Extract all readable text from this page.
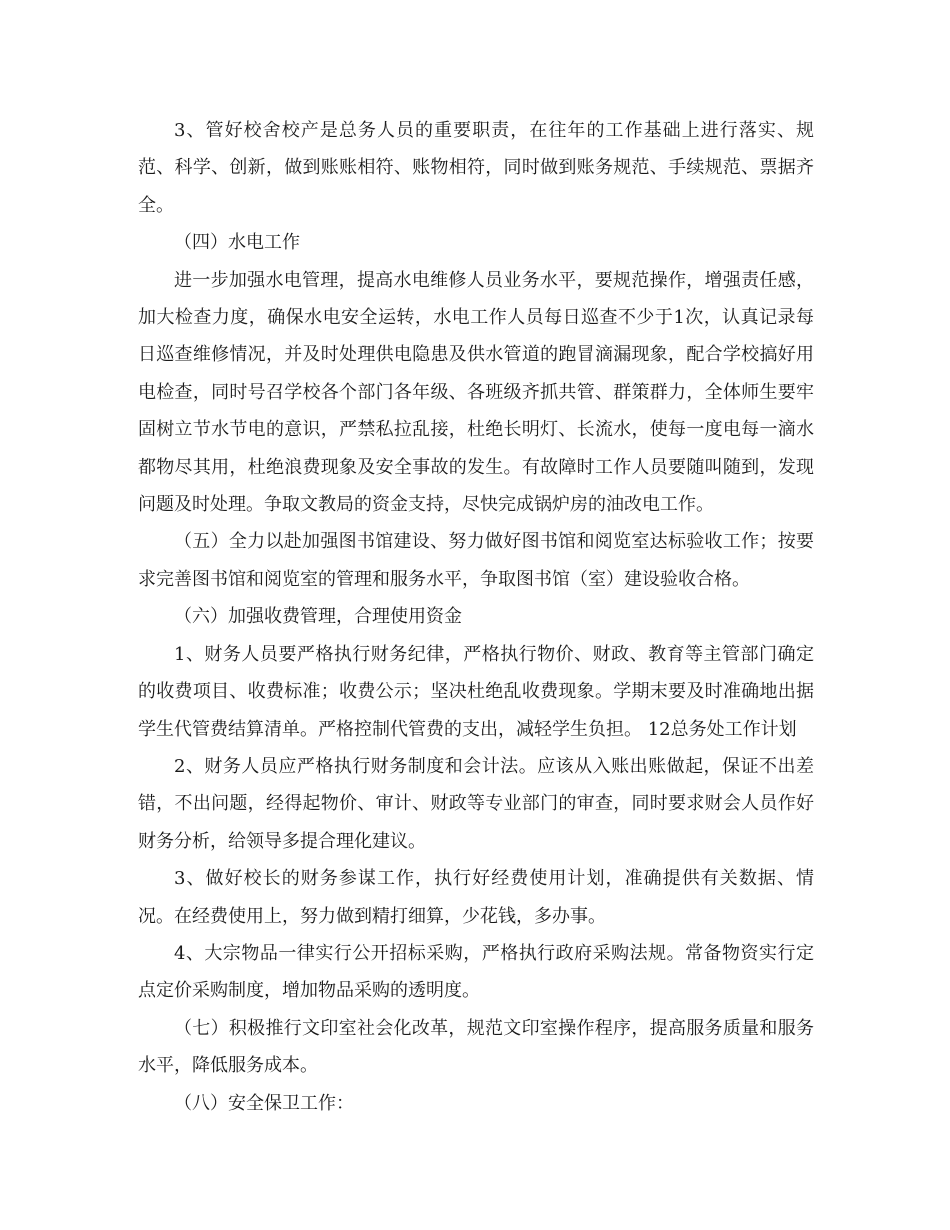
3、管好校舍校产是总务人员的重要职责，在往年的工作基础上进行落实、规范、科学、创新，做到账账相符、账物相符，同时做到账务规范、手续规范、票据齐全。

（四）水电工作

进一步加强水电管理，提高水电维修人员业务水平，要规范操作，增强责任感，加大检查力度，确保水电安全运转，水电工作人员每日巡查不少于1次，认真记录每日巡查维修情况，并及时处理供电隐患及供水管道的跑冒滴漏现象，配合学校搞好用电检查，同时号召学校各个部门各年级、各班级齐抓共管、群策群力，全体师生要牢固树立节水节电的意识，严禁私拉乱接，杜绝长明灯、长流水，使每一度电每一滴水都物尽其用，杜绝浪费现象及安全事故的发生。有故障时工作人员要随叫随到，发现问题及时处理。争取文教局的资金支持，尽快完成锅炉房的油改电工作。

（五）全力以赴加强图书馆建设、努力做好图书馆和阅览室达标验收工作；按要求完善图书馆和阅览室的管理和服务水平，争取图书馆（室）建设验收合格。

（六）加强收费管理，合理使用资金

1、财务人员要严格执行财务纪律，严格执行物价、财政、教育等主管部门确定的收费项目、收费标准；收费公示；坚决杜绝乱收费现象。学期末要及时准确地出据学生代管费结算清单。严格控制代管费的支出，减轻学生负担。 12总务处工作计划

2、财务人员应严格执行财务制度和会计法。应该从入账出账做起，保证不出差错，不出问题，经得起物价、审计、财政等专业部门的审查，同时要求财会人员作好财务分析，给领导多提合理化建议。

3、做好校长的财务参谋工作，执行好经费使用计划，准确提供有关数据、情况。在经费使用上，努力做到精打细算，少花钱，多办事。

4、大宗物品一律实行公开招标采购，严格执行政府采购法规。常备物资实行定点定价采购制度，增加物品采购的透明度。

（七）积极推行文印室社会化改革，规范文印室操作程序，提高服务质量和服务水平，降低服务成本。

（八）安全保卫工作：
